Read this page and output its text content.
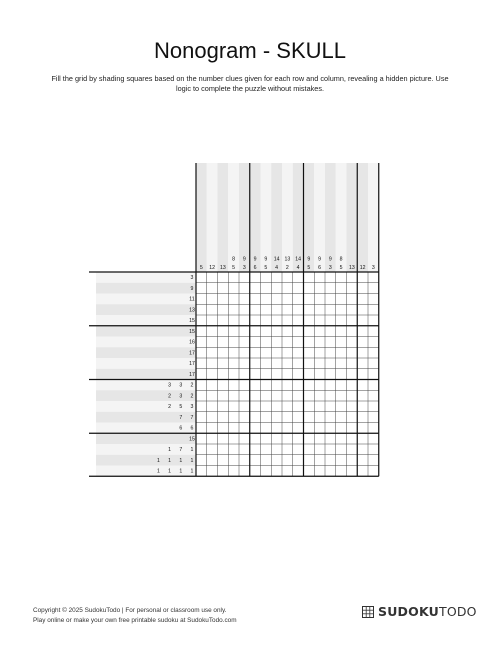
Nonogram - SKULL
Fill the grid by shading squares based on the number clues given for each row and column, revealing a hidden picture. Use logic to complete the puzzle without mistakes.
5 12 13
8
5
9
3
9
6
9
5
14
4
13
2
14
4
9
5
9
6
9
3
8
5 13 12 3
3
9
11
13
15
15
16
17
17
17
3 3 2
2 3 2
2 5 3
7 7
6 6
15
1 7 1
1 1 1 1
1 1 1 1
Copyright © 2025 SudokuTodo | For personal or classroom use only.
Play online or make your own free printable sudoku at SudokuTodo.com
SUDOKUTODO
